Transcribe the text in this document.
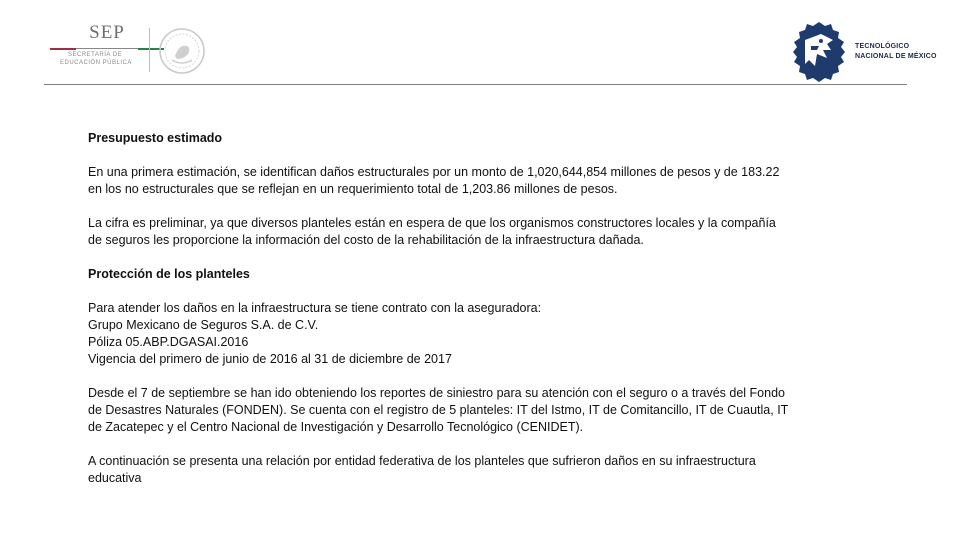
SEP
SECRETARÍA DE
EDUCACIÓN PÚBLICA
TECNOLÓGICO
NACIONAL DE MÉXICO

Presupuesto estimado

En una primera estimación, se identifican daños estructurales por un monto de 1,020,644,854 millones de pesos y de 183.22

en los no estructurales que se reflejan en un requerimiento total de 1,203.86 millones de pesos.

La cifra es preliminar, ya que diversos planteles están en espera de que los organismos constructores locales y la compañía

de seguros les proporcione la información del costo de la rehabilitación de la infraestructura dañada.

Protección de los planteles

Para atender los daños en la infraestructura se tiene contrato con la aseguradora:

Grupo Mexicano de Seguros S.A. de C.V.

Póliza 05.ABP.DGASAI.2016

Vigencia del primero de junio de 2016 al 31 de diciembre de 2017

Desde el 7 de septiembre se han ido obteniendo los reportes de siniestro para su atención con el seguro o a través del Fondo

de Desastres Naturales (FONDEN). Se cuenta con el registro de 5 planteles: IT del Istmo, IT de Comitancillo, IT de Cuautla, IT

de Zacatepec y el Centro Nacional de Investigación y Desarrollo Tecnológico (CENIDET).

A continuación se presenta una relación por entidad federativa de los planteles que sufrieron daños en su infraestructura

educativa
